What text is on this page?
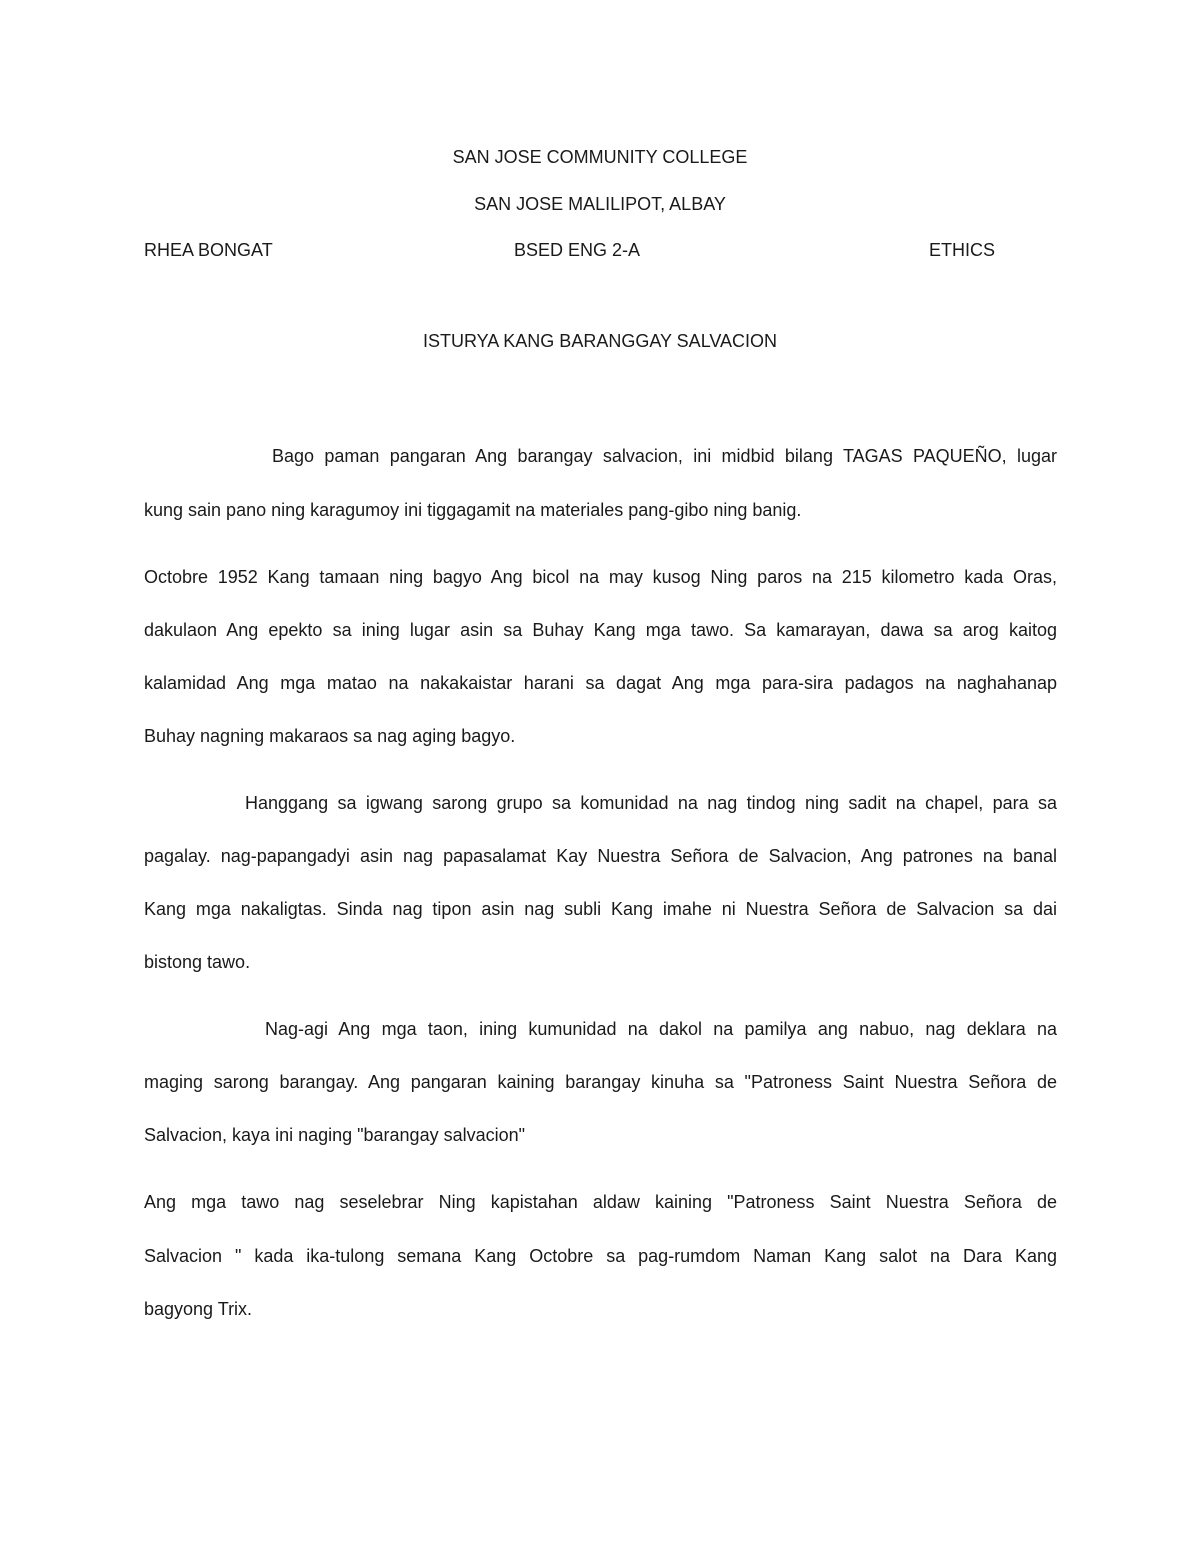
SAN JOSE COMMUNITY COLLEGE

SAN JOSE MALILIPOT, ALBAY

RHEA BONGAT	BSED ENG 2-A	ETHICS

ISTURYA KANG BARANGGAY SALVACION

Bago paman pangaran Ang barangay salvacion, ini midbid bilang TAGAS PAQUEÑO, lugar

kung sain pano ning karagumoy ini tiggagamit na materiales pang-gibo ning banig.

Octobre 1952 Kang tamaan ning bagyo Ang bicol na may kusog Ning paros na 215 kilometro kada Oras,

dakulaon Ang epekto sa ining lugar asin sa Buhay Kang mga tawo. Sa kamarayan, dawa sa arog kaitog

kalamidad Ang mga matao na nakakaistar harani sa dagat Ang mga para-sira padagos na naghahanap

Buhay nagning makaraos sa nag aging bagyo.

Hanggang sa igwang sarong grupo sa komunidad na nag tindog ning sadit na chapel, para sa

pagalay. nag-papangadyi asin nag papasalamat Kay Nuestra Señora de Salvacion, Ang patrones na banal

Kang mga nakaligtas. Sinda nag tipon asin nag subli Kang imahe ni Nuestra Señora de Salvacion sa dai

bistong tawo.

Nag-agi Ang mga taon, ining kumunidad na dakol na pamilya ang nabuo, nag deklara na

maging sarong barangay. Ang pangaran kaining barangay kinuha sa "Patroness Saint Nuestra Señora de

Salvacion, kaya ini naging "barangay salvacion"

Ang mga tawo nag seselebrar Ning kapistahan aldaw kaining "Patroness Saint Nuestra Señora de

Salvacion " kada ika-tulong semana Kang Octobre sa pag-rumdom Naman Kang salot na Dara Kang

bagyong Trix.
